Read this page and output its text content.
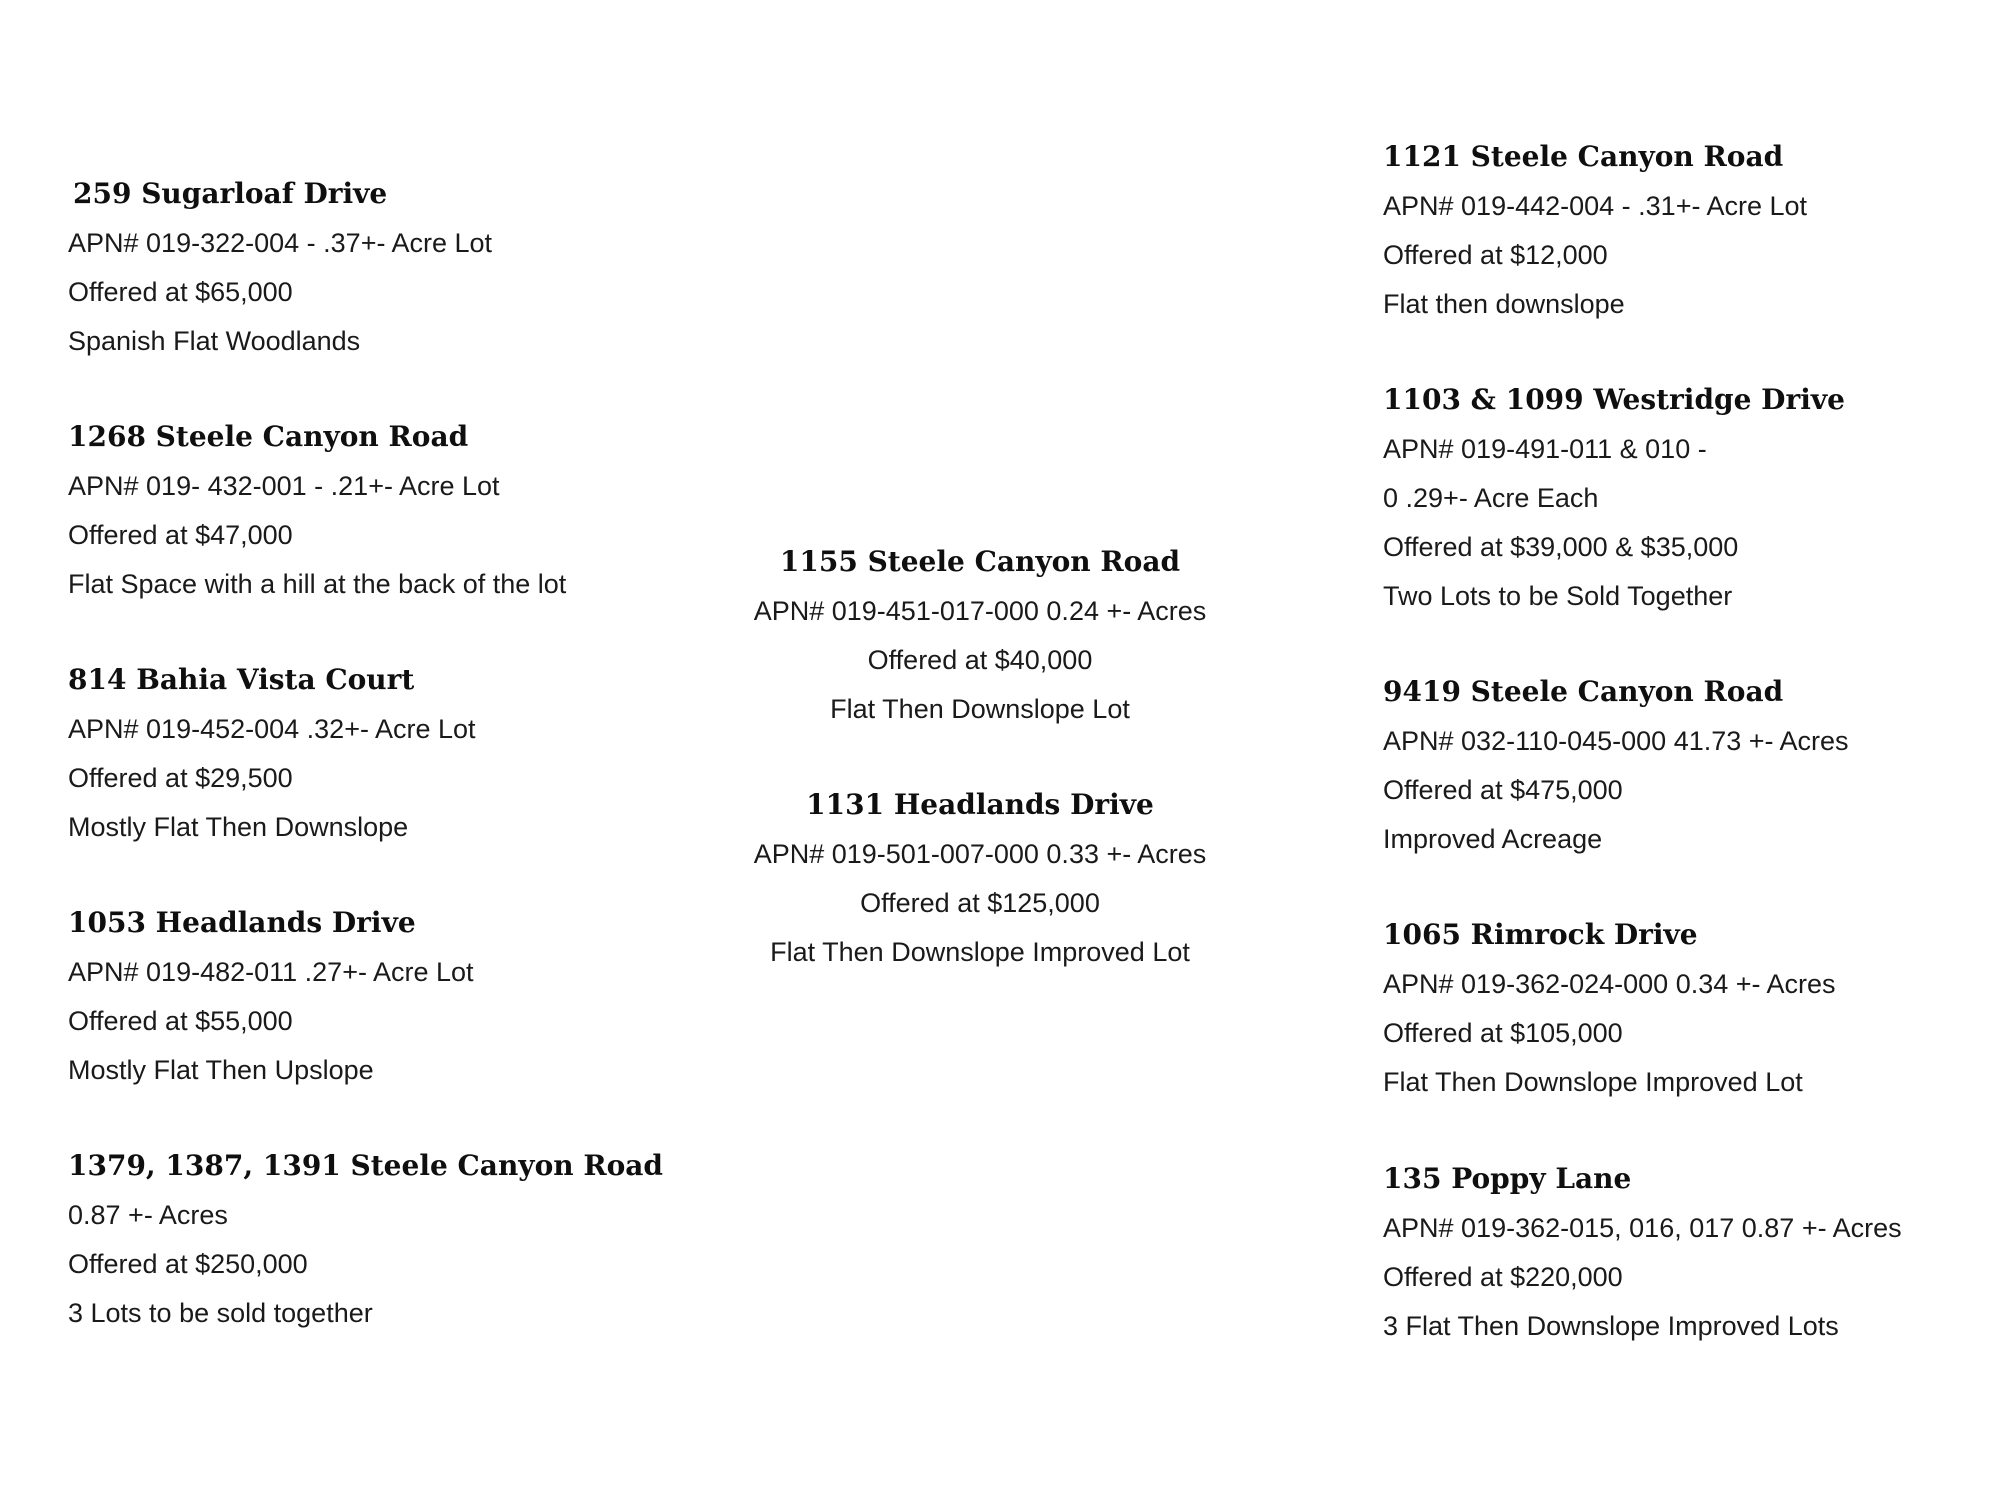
259 Sugarloaf Drive
APN# 019-322-004 - .37+- Acre Lot
Offered at $65,000
Spanish Flat Woodlands
1268 Steele Canyon Road
APN# 019- 432-001 - .21+- Acre Lot
Offered at $47,000
Flat Space with a hill at the back of the lot
814 Bahia Vista Court
APN# 019-452-004 .32+- Acre Lot
Offered at $29,500
Mostly Flat Then Downslope
1053 Headlands Drive
APN# 019-482-011 .27+- Acre Lot
Offered at $55,000
Mostly Flat Then Upslope
1379, 1387, 1391 Steele Canyon Road
0.87 +- Acres
Offered at $250,000
3 Lots to be sold together
1155 Steele Canyon Road
APN# 019-451-017-000 0.24 +- Acres
Offered at $40,000
Flat Then Downslope Lot
1131 Headlands Drive
APN# 019-501-007-000 0.33 +- Acres
Offered at $125,000
Flat Then Downslope Improved Lot
1121 Steele Canyon Road
APN# 019-442-004 - .31+- Acre Lot
Offered at $12,000
Flat then downslope
1103 & 1099 Westridge Drive
APN# 019-491-011 & 010 -
0 .29+- Acre Each
Offered at $39,000 & $35,000
Two Lots to be Sold Together
9419 Steele Canyon Road
APN# 032-110-045-000 41.73 +- Acres
Offered at $475,000
Improved Acreage
1065 Rimrock Drive
APN# 019-362-024-000 0.34 +- Acres
Offered at $105,000
Flat Then Downslope Improved Lot
135 Poppy Lane
APN# 019-362-015, 016, 017 0.87 +- Acres
Offered at $220,000
3 Flat Then Downslope Improved Lots
